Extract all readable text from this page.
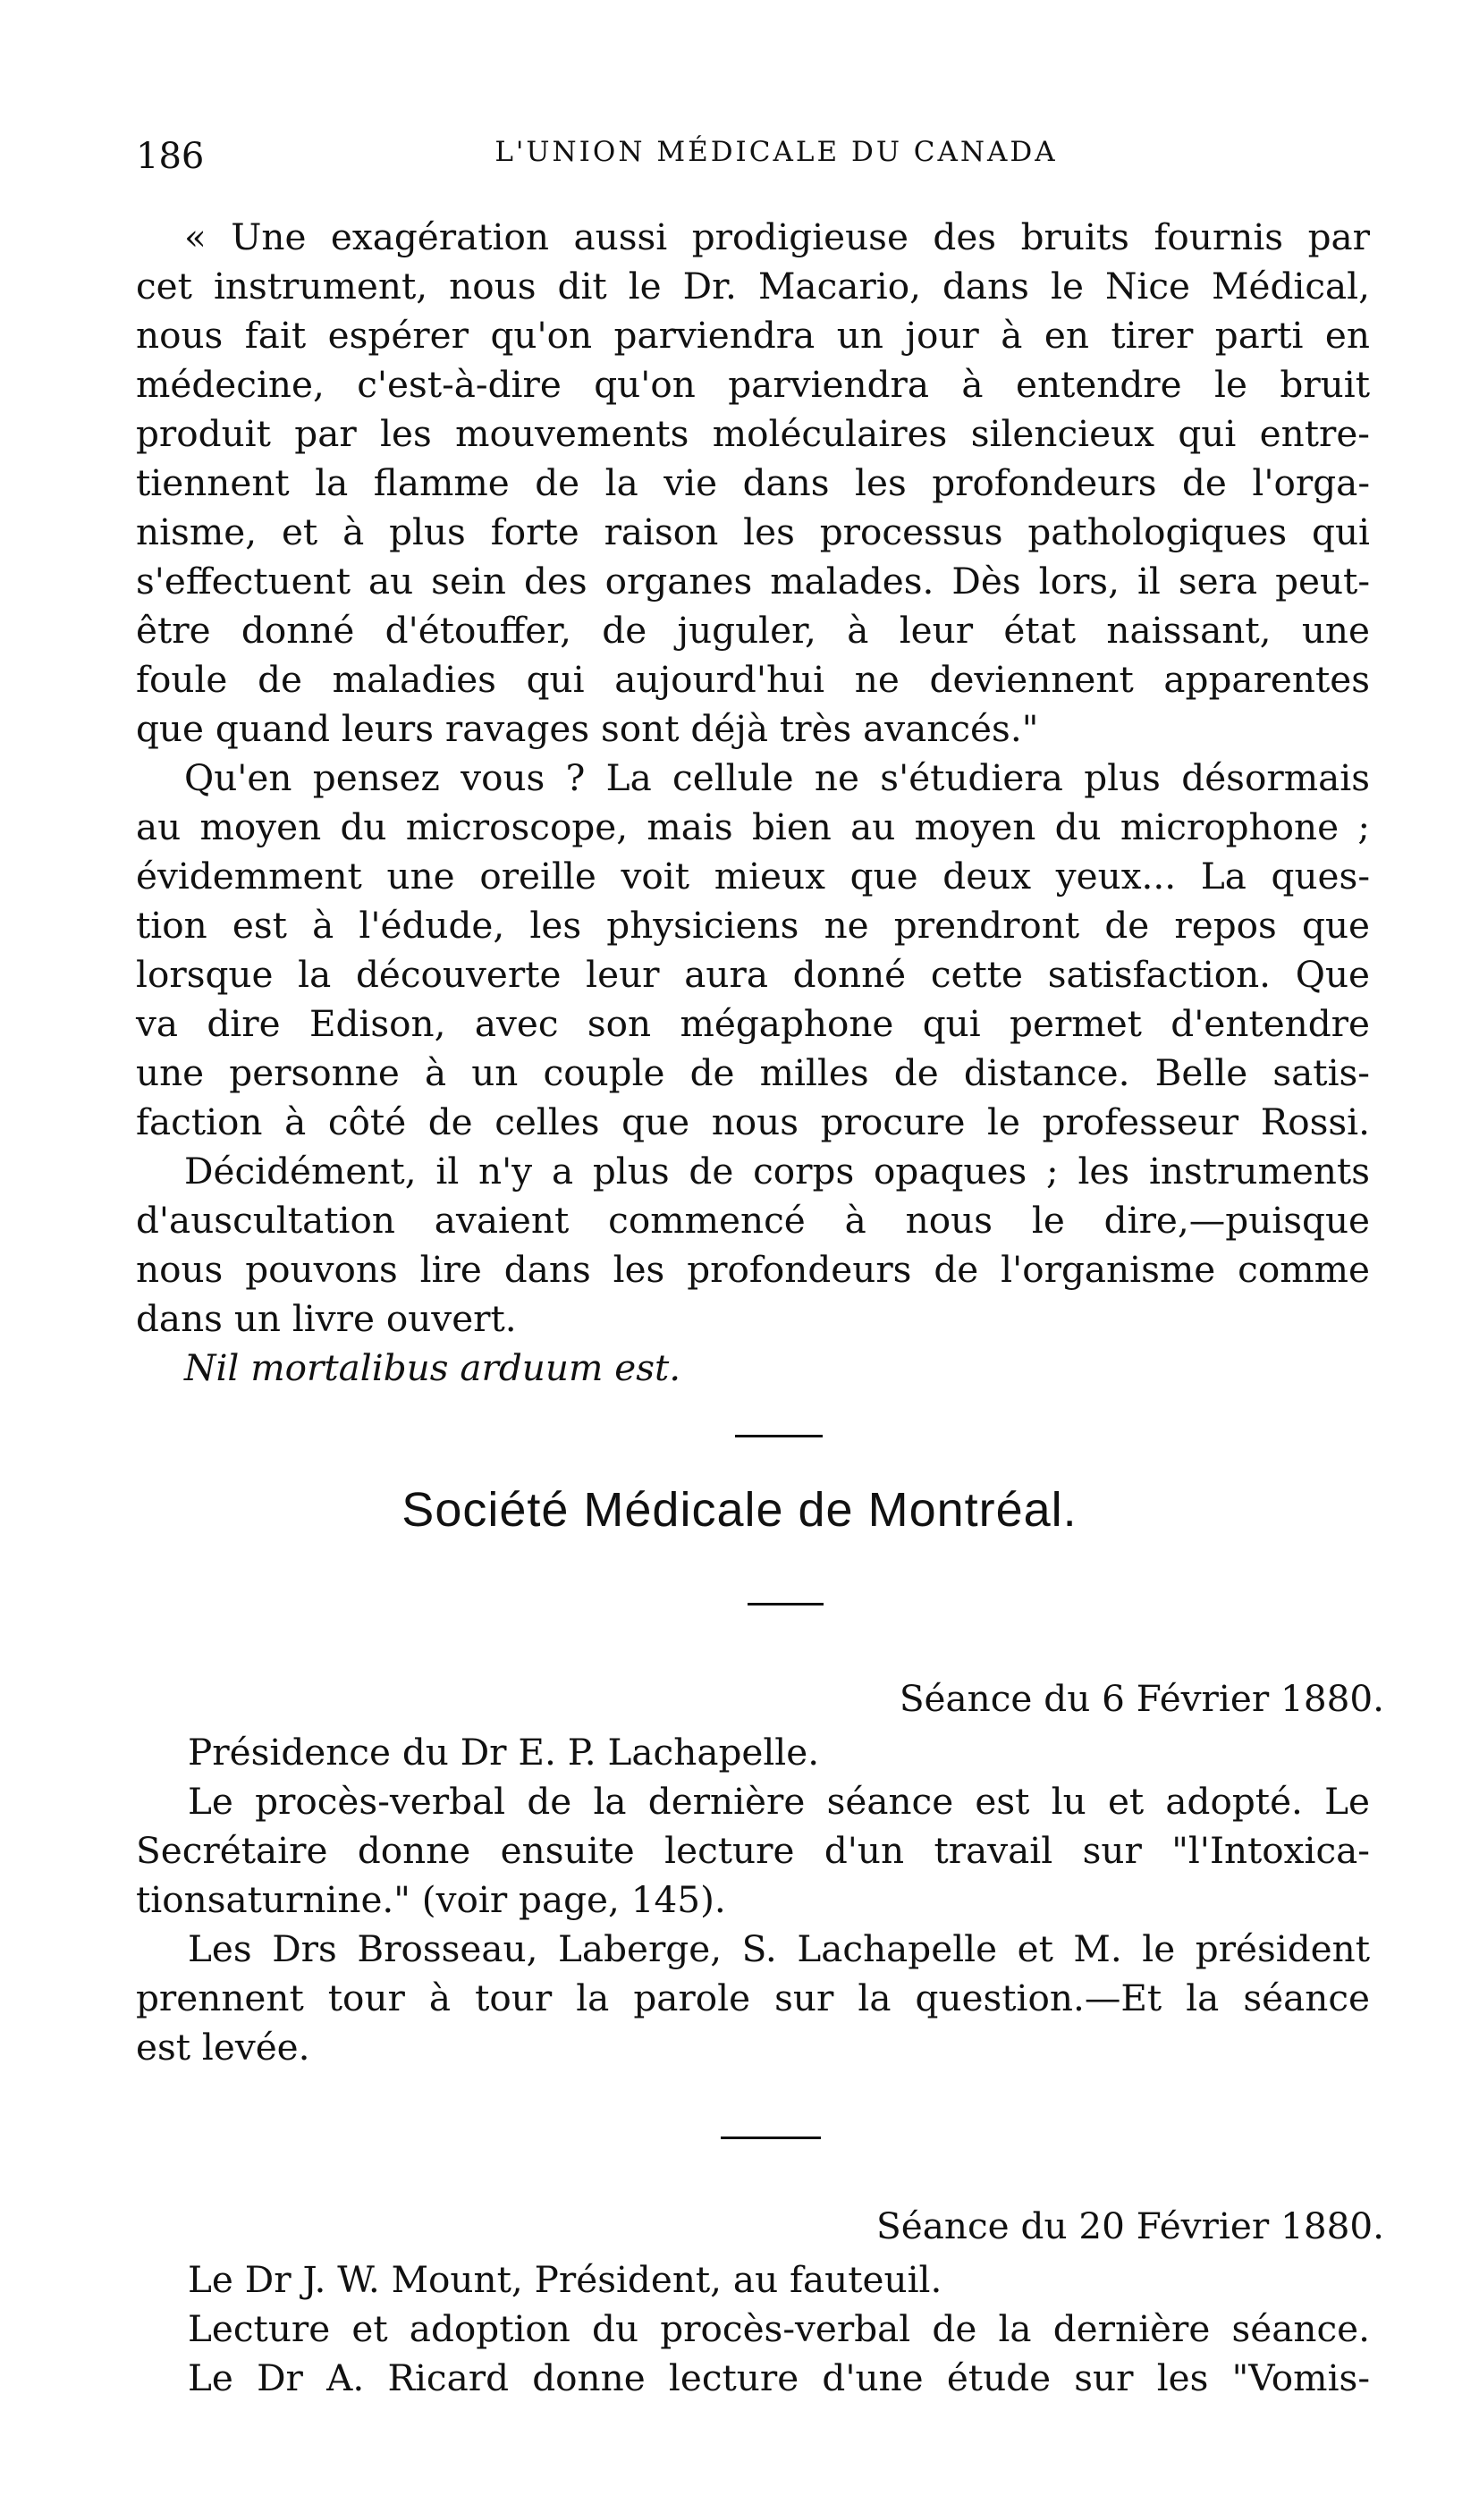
186	L'UNION MÉDICALE DU CANADA
« Une exagération aussi prodigieuse des bruits fournis par
cet instrument, nous dit le Dr. Macario, dans le Nice Médical,
nous fait espérer qu'on parviendra un jour à en tirer parti en
médecine, c'est-à-dire qu'on parviendra à entendre le bruit
produit par les mouvements moléculaires silencieux qui entre-
tiennent la flamme de la vie dans les profondeurs de l'orga-
nisme, et à plus forte raison les processus pathologiques qui
s'effectuent au sein des organes malades. Dès lors, il sera peut-
être donné d'étouffer, de juguler, à leur état naissant, une
foule de maladies qui aujourd'hui ne deviennent apparentes
que quand leurs ravages sont déjà très avancés."
Qu'en pensez vous ? La cellule ne s'étudiera plus désormais
au moyen du microscope, mais bien au moyen du microphone ;
évidemment une oreille voit mieux que deux yeux... La ques-
tion est à l'édude, les physiciens ne prendront de repos que
lorsque la découverte leur aura donné cette satisfaction. Que
va dire Edison, avec son mégaphone qui permet d'entendre
une personne à un couple de milles de distance. Belle satis-
faction à côté de celles que nous procure le professeur Rossi.
Décidément, il n'y a plus de corps opaques ; les instruments
d'auscultation avaient commencé à nous le dire,—puisque
nous pouvons lire dans les profondeurs de l'organisme comme
dans un livre ouvert.
Nil mortalibus arduum est.
Société Médicale de Montréal.
Séance du 6 Février 1880.
Présidence du Dr E. P. Lachapelle.
Le procès-verbal de la dernière séance est lu et adopté. Le
Secrétaire donne ensuite lecture d'un travail sur "l'Intoxica-
tionsaturnine." (voir page, 145).
Les Drs Brosseau, Laberge, S. Lachapelle et M. le président
prennent tour à tour la parole sur la question.—Et la séance
est levée.
Séance du 20 Février 1880.
Le Dr J. W. Mount, Président, au fauteuil.
Lecture et adoption du procès-verbal de la dernière séance.
Le Dr A. Ricard donne lecture d'une étude sur les "Vomis-
